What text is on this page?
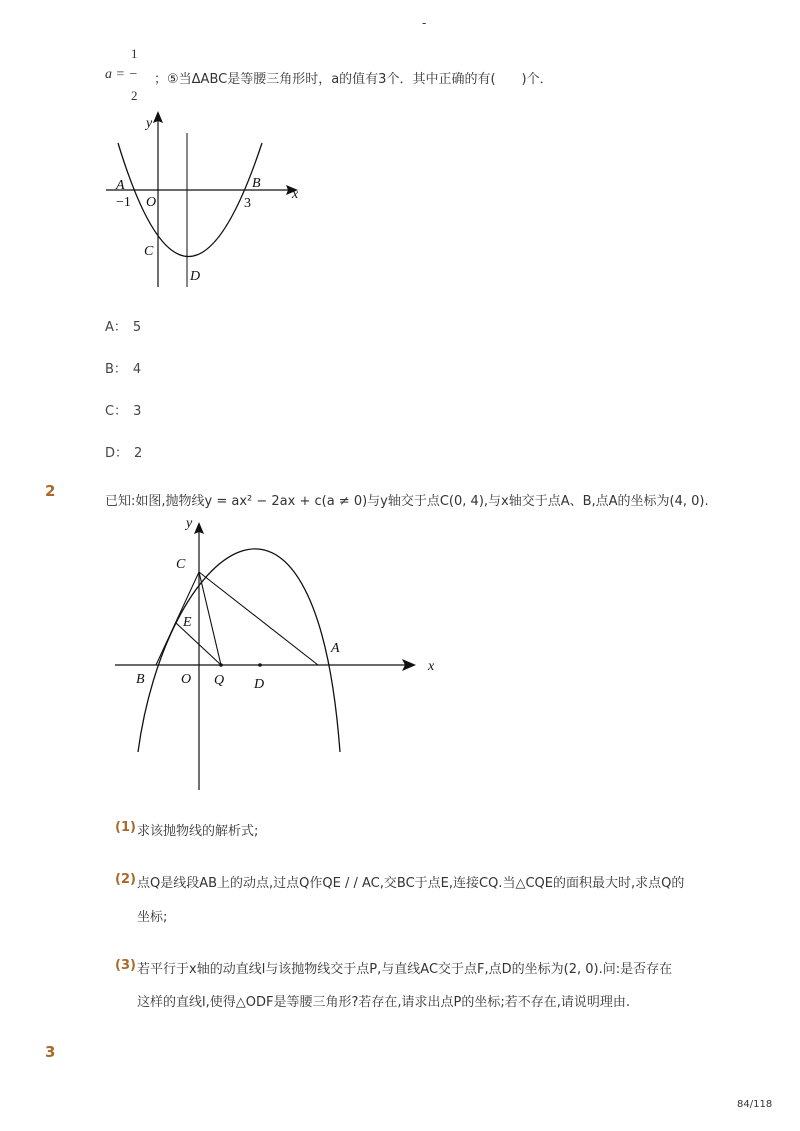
-
1
a = − ；⑤当ΔABC是等腰三角形时，a的值有3个．其中正确的有(　　)个．
2
y
x
A	B
−1 O	3
C
D
A： 5
B： 4
C： 3
D： 2
2
已知:如图,抛物线y = ax² − 2ax + c(a ≠ 0)与y轴交于点C(0, 4),与x轴交于点A、B,点A的坐标为(4, 0).
y
x
C
E
A
B	O Q D
(1) 求该抛物线的解析式;
(2) 点Q是线段AB上的动点,过点Q作QE / / AC,交BC于点E,连接CQ.当△CQE的面积最大时,求点Q的
坐标;
(3) 若平行于x轴的动直线l与该抛物线交于点P,与直线AC交于点F,点D的坐标为(2, 0).问:是否存在
这样的直线l,使得△ODF是等腰三角形?若存在,请求出点P的坐标;若不存在,请说明理由.
3
84/118
